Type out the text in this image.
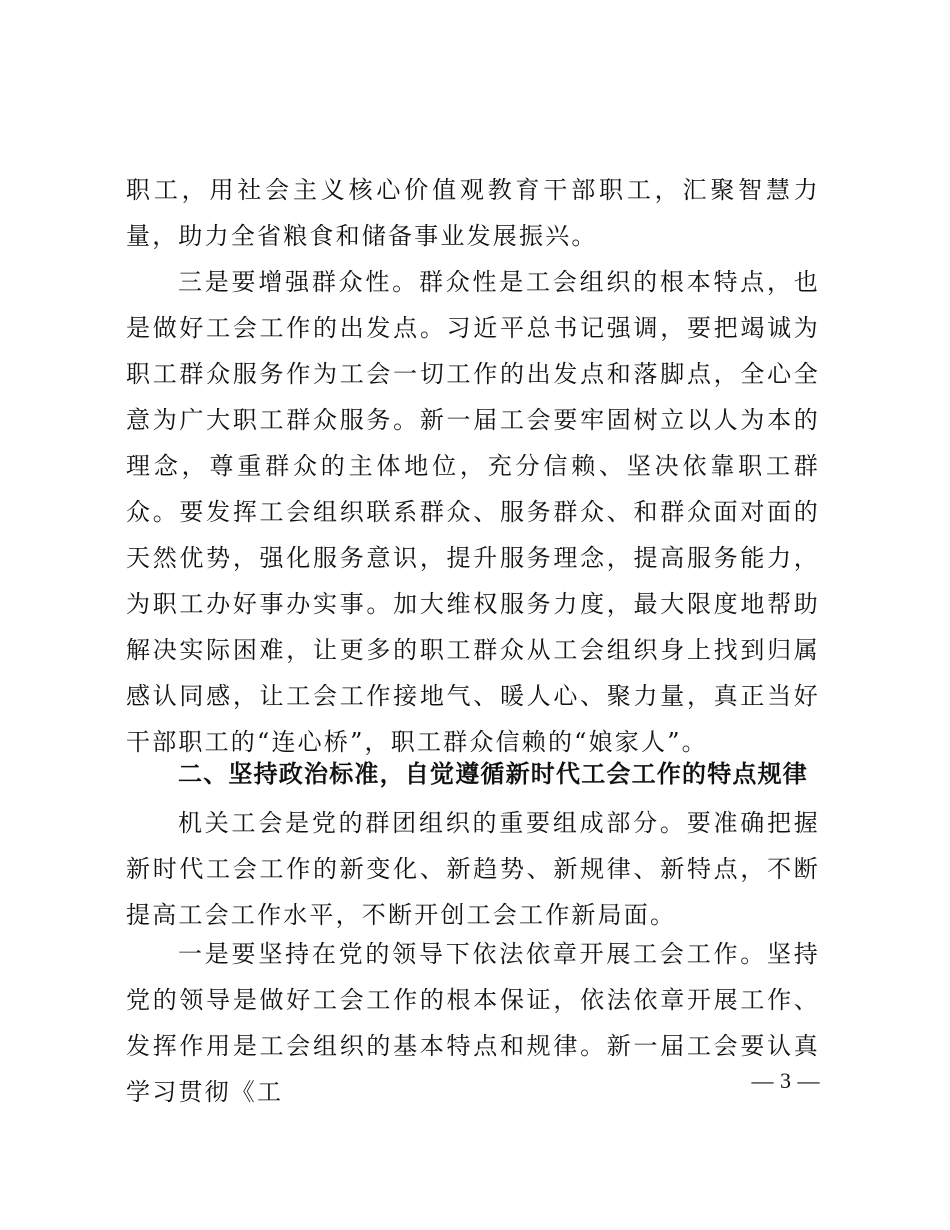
职工，用社会主义核心价值观教育干部职工，汇聚智慧力量，助力全省粮食和储备事业发展振兴。

三是要增强群众性。群众性是工会组织的根本特点，也是做好工会工作的出发点。习近平总书记强调，要把竭诚为职工群众服务作为工会一切工作的出发点和落脚点，全心全意为广大职工群众服务。新一届工会要牢固树立以人为本的理念，尊重群众的主体地位，充分信赖、坚决依靠职工群众。要发挥工会组织联系群众、服务群众、和群众面对面的天然优势，强化服务意识，提升服务理念，提高服务能力，为职工办好事办实事。加大维权服务力度，最大限度地帮助解决实际困难，让更多的职工群众从工会组织身上找到归属感认同感，让工会工作接地气、暖人心、聚力量，真正当好干部职工的“连心桥”，职工群众信赖的“娘家人”。

二、坚持政治标准，自觉遵循新时代工会工作的特点规律

机关工会是党的群团组织的重要组成部分。要准确把握新时代工会工作的新变化、新趋势、新规律、新特点，不断提高工会工作水平，不断开创工会工作新局面。

一是要坚持在党的领导下依法依章开展工会工作。坚持党的领导是做好工会工作的根本保证，依法依章开展工作、发挥作用是工会组织的基本特点和规律。新一届工会要认真学习贯彻《工	— 3 —
